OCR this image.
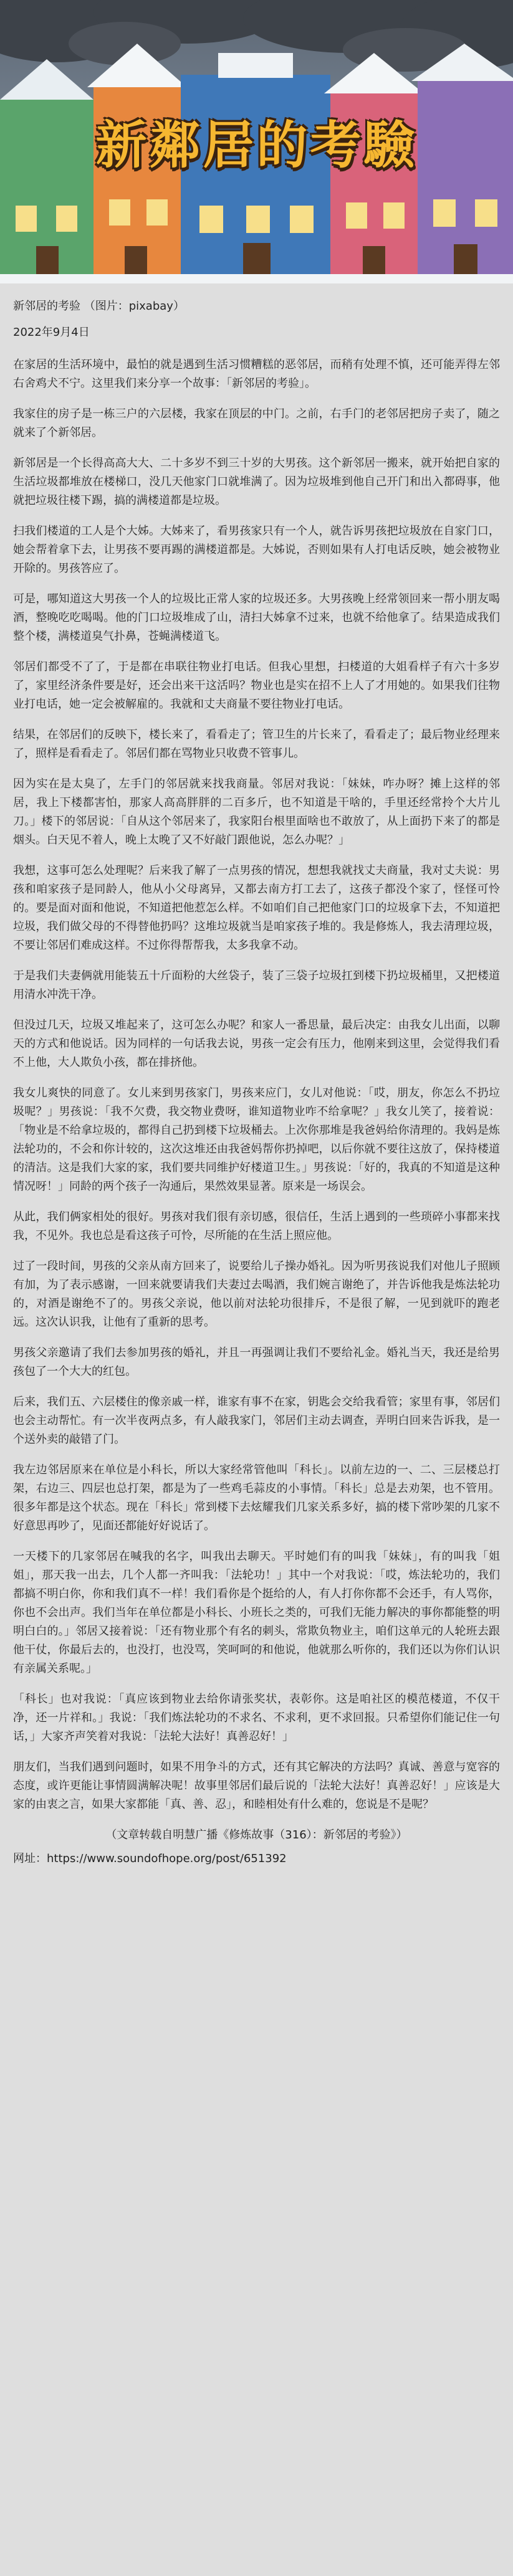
新鄰居的考驗

新邻居的考验 （图片：pixabay）

2022年9月4日

在家居的生活环境中，最怕的就是遇到生活习惯糟糕的恶邻居，而稍有处理不慎，还可能弄得左邻右舍鸡犬不宁。这里我们来分享一个故事：「新邻居的考验」。

我家住的房子是一栋三户的六层楼，我家在顶层的中门。之前，右手门的老邻居把房子卖了，随之就来了个新邻居。

新邻居是一个长得高高大大、二十多岁不到三十岁的大男孩。这个新邻居一搬来，就开始把自家的生活垃圾都堆放在楼梯口，没几天他家门口就堆满了。因为垃圾堆到他自己开门和出入都碍事，他就把垃圾往楼下踢，搞的满楼道都是垃圾。

扫我们楼道的工人是个大姊。大姊来了，看男孩家只有一个人，就告诉男孩把垃圾放在自家门口，她会帮着拿下去，让男孩不要再踢的满楼道都是。大姊说，否则如果有人打电话反映，她会被物业开除的。男孩答应了。

可是，哪知道这大男孩一个人的垃圾比正常人家的垃圾还多。大男孩晚上经常领回来一帮小朋友喝酒，整晚吃吃喝喝。他的门口垃圾堆成了山，清扫大姊拿不过来，也就不给他拿了。结果造成我们整个楼，满楼道臭气扑鼻，苍蝇满楼道飞。

邻居们都受不了了，于是都在串联往物业打电话。但我心里想，扫楼道的大姐看样子有六十多岁了，家里经济条件要是好，还会出来干这活吗？物业也是实在招不上人了才用她的。如果我们往物业打电话，她一定会被解雇的。我就和丈夫商量不要往物业打电话。

结果，在邻居们的反映下，楼长来了，看看走了；管卫生的片长来了，看看走了；最后物业经理来了，照样是看看走了。邻居们都在骂物业只收费不管事儿。

因为实在是太臭了，左手门的邻居就来找我商量。邻居对我说：「妹妹，咋办呀？摊上这样的邻居，我上下楼都害怕，那家人高高胖胖的二百多斤，也不知道是干啥的，手里还经常拎个大片儿刀。」楼下的邻居说：「自从这个邻居来了，我家阳台根里面啥也不敢放了，从上面扔下来了的都是烟头。白天见不着人，晚上太晚了又不好敲门跟他说，怎么办呢？」

我想，这事可怎么处理呢？后来我了解了一点男孩的情况，想想我就找丈夫商量，我对丈夫说：男孩和咱家孩子是同龄人，他从小父母离异，又都去南方打工去了，这孩子都没个家了，怪怪可怜的。要是面对面和他说，不知道把他惹怎么样。不如咱们自己把他家门口的垃圾拿下去，不知道把垃圾，我们做父母的不得替他扔吗？这堆垃圾就当是咱家孩子堆的。我是修炼人，我去清理垃圾，不要让邻居们难成这样。不过你得帮帮我，太多我拿不动。

于是我们夫妻俩就用能装五十斤面粉的大丝袋子，装了三袋子垃圾扛到楼下扔垃圾桶里，又把楼道用清水冲洗干净。

但没过几天，垃圾又堆起来了，这可怎么办呢？和家人一番思量，最后决定：由我女儿出面，以聊天的方式和他说话。因为同样的一句话我去说，男孩一定会有压力，他刚来到这里，会觉得我们看不上他，大人欺负小孩，都在排挤他。

我女儿爽快的同意了。女儿来到男孩家门，男孩来应门，女儿对他说：「哎，朋友，你怎么不扔垃圾呢？」男孩说：「我不欠费，我交物业费呀，谁知道物业咋不给拿呢？」我女儿笑了，接着说：「物业是不给拿垃圾的，都得自己扔到楼下垃圾桶去。上次你那堆是我爸妈给你清理的。我妈是炼法轮功的，不会和你计较的，这次这堆还由我爸妈帮你扔掉吧，以后你就不要往这放了，保持楼道的清洁。这是我们大家的家，我们要共同维护好楼道卫生。」男孩说：「好的，我真的不知道是这种情况呀！」同龄的两个孩子一沟通后，果然效果显著。原来是一场误会。

从此，我们俩家相处的很好。男孩对我们很有亲切感，很信任，生活上遇到的一些琐碎小事都来找我，不见外。我也总是看这孩子可怜，尽所能的在生活上照应他。

过了一段时间，男孩的父亲从南方回来了，说要给儿子操办婚礼。因为听男孩说我们对他儿子照顾有加，为了表示感谢，一回来就要请我们夫妻过去喝酒，我们婉言谢绝了，并告诉他我是炼法轮功的，对酒是谢绝不了的。男孩父亲说，他以前对法轮功很排斥，不是很了解，一见到就吓的跑老远。这次认识我，让他有了重新的思考。

男孩父亲邀请了我们去参加男孩的婚礼，并且一再强调让我们不要给礼金。婚礼当天，我还是给男孩包了一个大大的红包。

后来，我们五、六层楼住的像亲戚一样，谁家有事不在家，钥匙会交给我看管；家里有事，邻居们也会主动帮忙。有一次半夜两点多，有人敲我家门，邻居们主动去调查，弄明白回来告诉我，是一个送外卖的敲错了门。

我左边邻居原来在单位是小科长，所以大家经常管他叫「科长」。以前左边的一、二、三层楼总打架，右边三、四层也总打架，都是为了一些鸡毛蒜皮的小事情。「科长」总是去劝架，也不管用。很多年都是这个状态。现在「科长」常到楼下去炫耀我们几家关系多好，搞的楼下常吵架的几家不好意思再吵了，见面还都能好好说话了。

一天楼下的几家邻居在喊我的名字，叫我出去聊天。平时她们有的叫我「妹妹」，有的叫我「姐姐」，那天我一出去，几个人都一齐叫我：「法轮功！」其中一个对我说：「哎，炼法轮功的，我们都搞不明白你，你和我们真不一样！我们看你是个挺给的人，有人打你你都不会还手，有人骂你，你也不会出声。我们当年在单位都是小科长、小班长之类的，可我们无能力解决的事你都能整的明明白白的。」邻居又接着说：「还有物业那个有名的刺头，常欺负物业主，咱们这单元的人轮班去跟他干仗，你最后去的，也没打，也没骂，笑呵呵的和他说，他就那么听你的，我们还以为你们认识有亲属关系呢。」

「科长」也对我说：「真应该到物业去给你请张奖状，表彰你。这是咱社区的模范楼道，不仅干净，还一片祥和。」我说：「我们炼法轮功的不求名、不求利，更不求回报。只希望你们能记住一句话，」大家齐声笑着对我说：「法轮大法好！真善忍好！」

朋友们，当我们遇到问题时，如果不用争斗的方式，还有其它解决的方法吗？真诚、善意与宽容的态度，或许更能让事情圆满解决呢！故事里邻居们最后说的「法轮大法好！真善忍好！」应该是大家的由衷之言，如果大家都能「真、善、忍」，和睦相处有什么难的，您说是不是呢？

（文章转载自明慧广播《修炼故事（316）：新邻居的考验》）

网址：https://www.soundofhope.org/post/651392
